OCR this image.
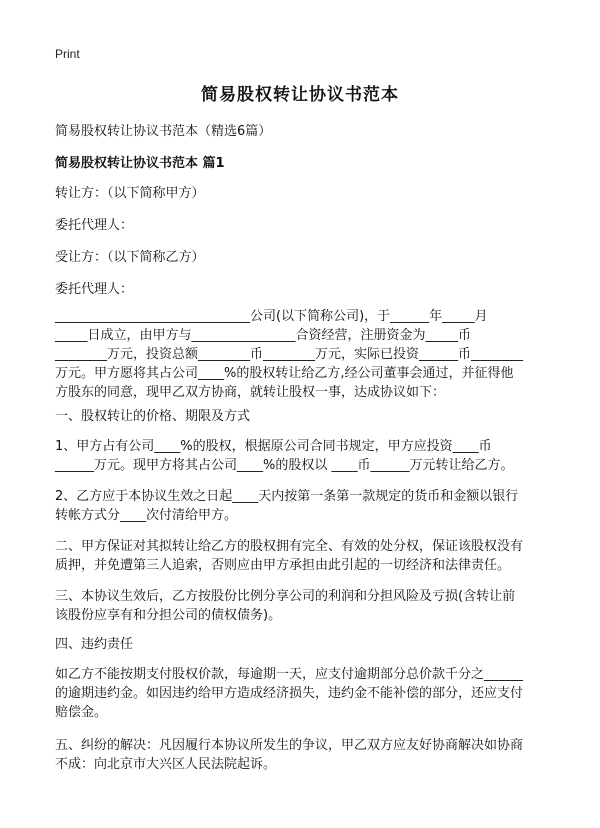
Print
简易股权转让协议书范本
简易股权转让协议书范本（精选6篇）
简易股权转让协议书范本 篇1
转让方：（以下简称甲方）
委托代理人：
受让方：（以下简称乙方）
委托代理人：
______________________________公司(以下简称公司)，于______年_____月
_____日成立，由甲方与________________合资经营，注册资金为_____币
________万元，投资总额________币________万元，实际已投资______币________
万元。甲方愿将其占公司____%的股权转让给乙方,经公司董事会通过，并征得他
方股东的同意，现甲乙双方协商，就转让股权一事，达成协议如下：
一、股权转让的价格、期限及方式
1、甲方占有公司____%的股权，根据原公司合同书规定，甲方应投资____币
______万元。现甲方将其占公司____%的股权以 ____币______万元转让给乙方。
2、乙方应于本协议生效之日起____天内按第一条第一款规定的货币和金额以银行
转帐方式分____次付清给甲方。
二、甲方保证对其拟转让给乙方的股权拥有完全、有效的处分权，保证该股权没有
质押，并免遭第三人追索，否则应由甲方承担由此引起的一切经济和法律责任。
三、本协议生效后，乙方按股份比例分享公司的利润和分担风险及亏损(含转让前
该股份应享有和分担公司的债权债务)。
四、违约责任
如乙方不能按期支付股权价款，每逾期一天，应支付逾期部分总价款千分之______
的逾期违约金。如因违约给甲方造成经济损失，违约金不能补偿的部分，还应支付
赔偿金。
五、纠纷的解决：凡因履行本协议所发生的争议，甲乙双方应友好协商解决如协商
不成：向北京市大兴区人民法院起诉。
